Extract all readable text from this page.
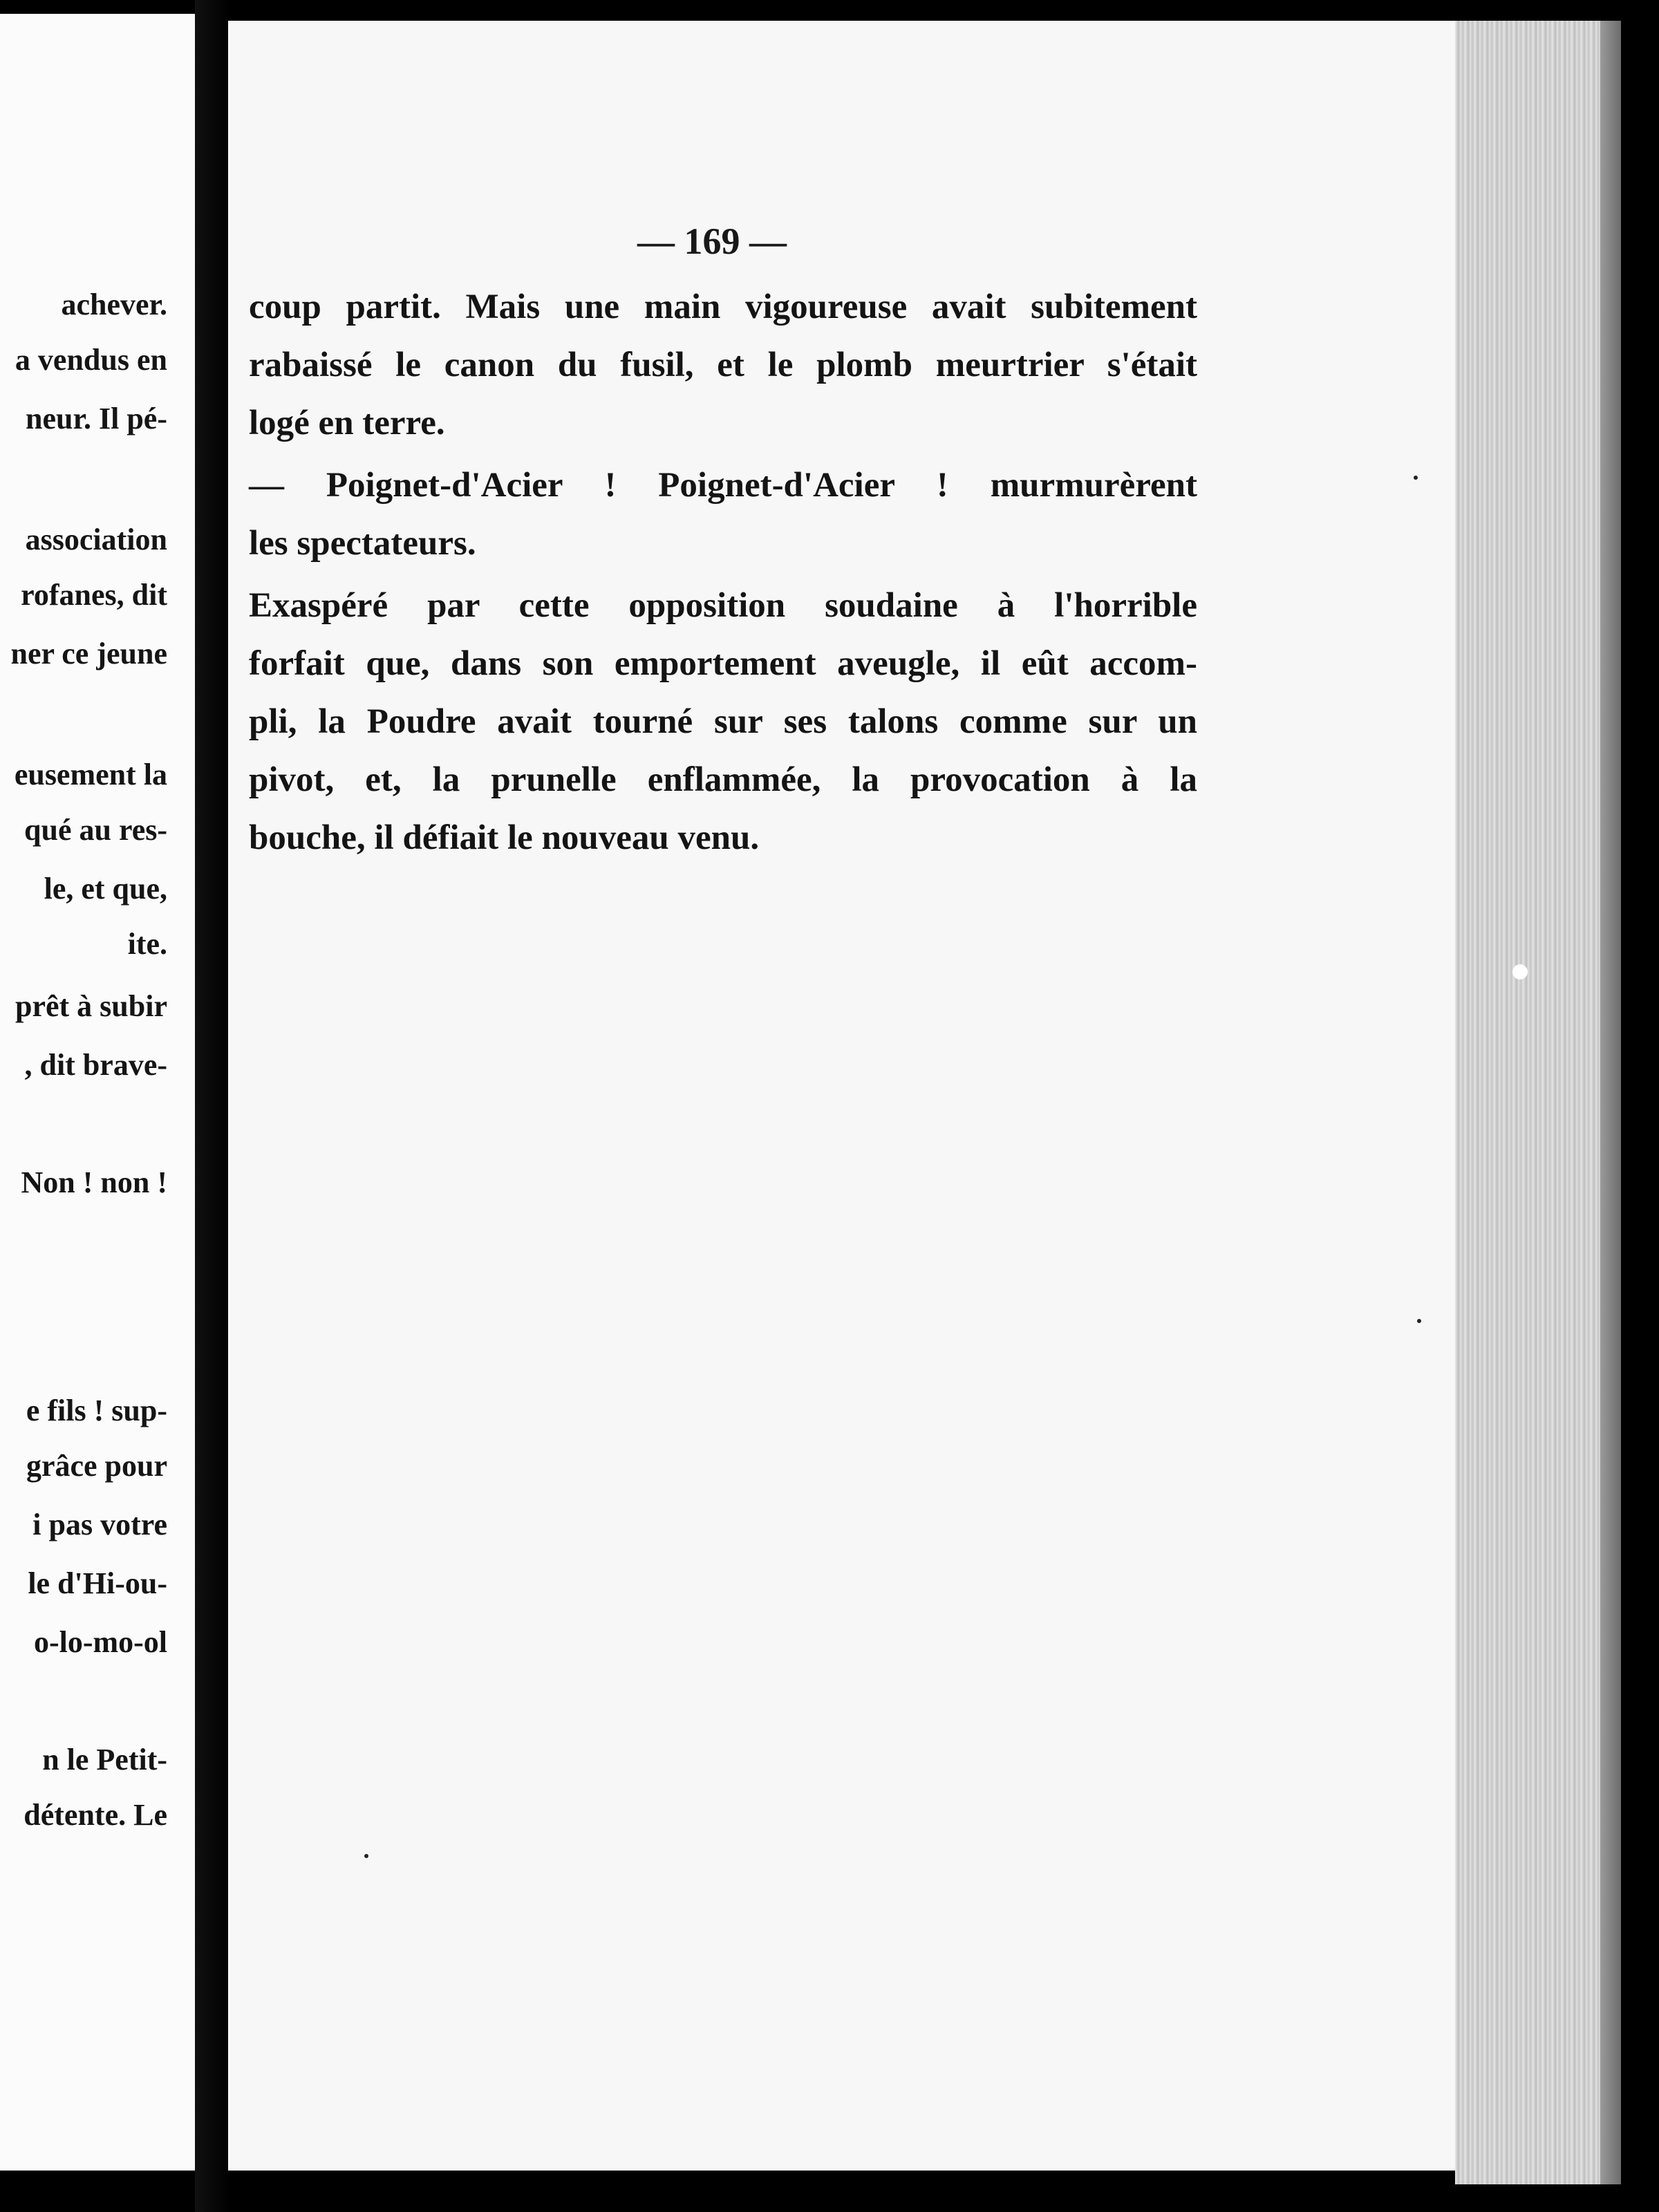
achever.
a vendus en
neur. Il pé-
association
rofanes, dit
ner ce jeune
eusement la
qué au res-
le, et que,
ite.
prêt à subir
, dit brave-
Non ! non !
e fils ! sup-
grâce pour
i pas votre
le d'Hi-ou-
o-lo-mo-ol
n le Petit-
détente. Le
— 169 —
coup partit. Mais une main vigoureuse avait subitement
rabaissé le canon du fusil, et le plomb meurtrier s'était
logé en terre.
— Poignet-d'Acier ! Poignet-d'Acier ! murmurèrent
les spectateurs.
Exaspéré par cette opposition soudaine à l'horrible
forfait que, dans son emportement aveugle, il eût accom-
pli, la Poudre avait tourné sur ses talons comme sur un
pivot, et, la prunelle enflammée, la provocation à la
bouche, il défiait le nouveau venu.
